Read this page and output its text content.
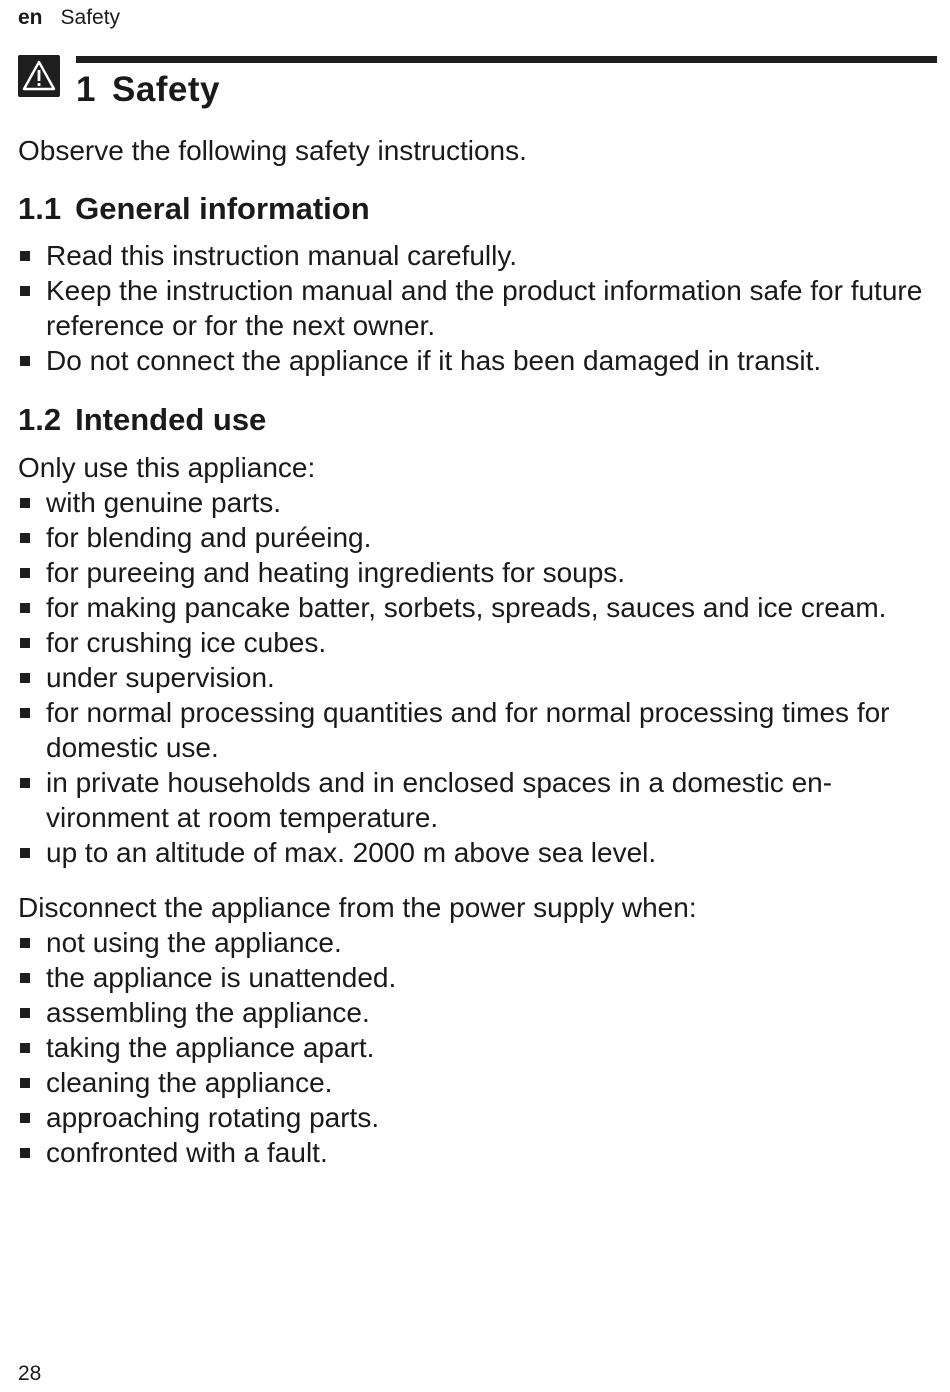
en Safety
1 Safety

Observe the following safety instructions.

1.1 General information
Read this instruction manual carefully.
Keep the instruction manual and the product information safe for future reference or for the next owner.
Do not connect the appliance if it has been damaged in transit.
1.2 Intended use

Only use this appliance:

with genuine parts.
for blending and puréeing.
for pureeing and heating ingredients for soups.
for making pancake batter, sorbets, spreads, sauces and ice cream.
for crushing ice cubes.
under supervision.
for normal processing quantities and for normal processing times for domestic use.
in private households and in enclosed spaces in a domestic environment at room temperature.
up to an altitude of max. 2000 m above sea level.

Disconnect the appliance from the power supply when:

not using the appliance.
the appliance is unattended.
assembling the appliance.
taking the appliance apart.
cleaning the appliance.
approaching rotating parts.
confronted with a fault.
28
